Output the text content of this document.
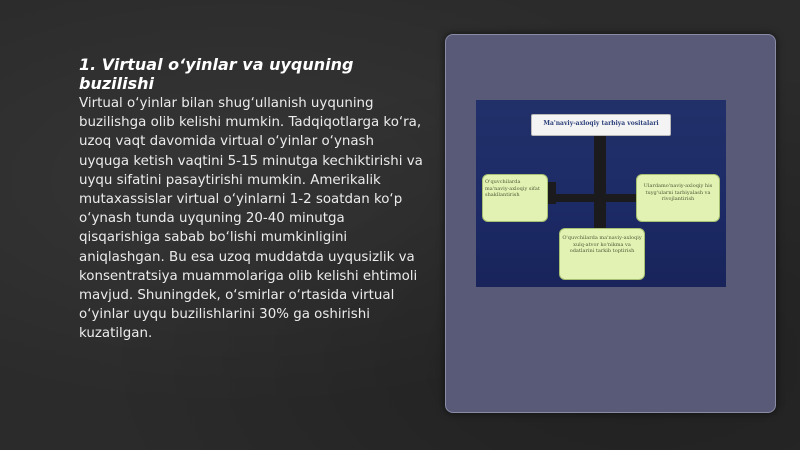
1. Virtual o‘yinlar va uyquning buzilishi
Virtual o‘yinlar bilan shug‘ullanish uyquning buzilishga olib kelishi mumkin. Tadqiqotlarga ko‘ra, uzoq vaqt davomida virtual o‘yinlar o‘ynash uyquga ketish vaqtini 5-15 minutga kechiktirishi va uyqu sifatini pasaytirishi mumkin. Amerikalik mutaxassislar virtual o‘yinlarni 1-2 soatdan ko‘p o‘ynash tunda uyquning 20-40 minutga qisqarishiga sabab bo‘lishi mumkinligini aniqlashgan. Bu esa uzoq muddatda uyqusizlik va konsentratsiya muammolariga olib kelishi ehtimoli mavjud. Shuningdek, o‘smirlar o‘rtasida virtual o‘yinlar uyqu buzilishlarini 30% ga oshirishi kuzatilgan.
Ma'naviy-axloqiy tarbiya vositalari
O'quvchilarda ma'naviy-axloqiy sifat shakllantirish
Ulardamo'naviy-axloqiy his tuyg'ularni tarbiyalash va rivojlantirish
O'quvchilarda ma'naviy-axloqiy xulq-atvor ko'nikma va odatlarini tarkib toptirish
